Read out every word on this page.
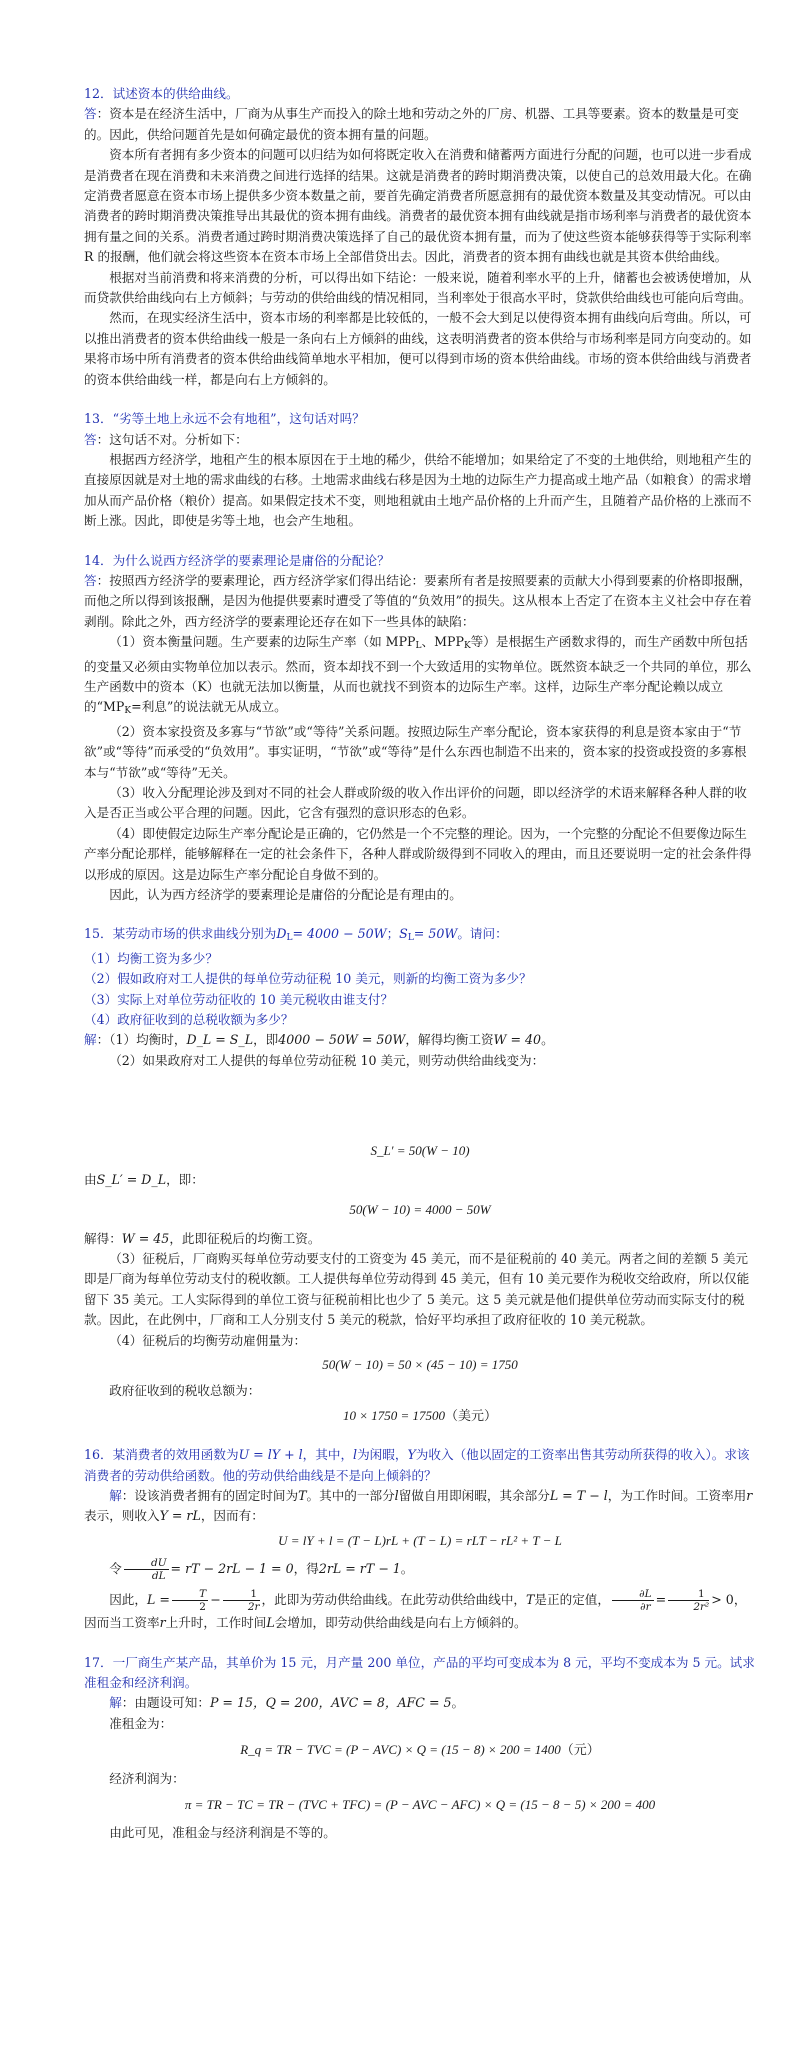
12．试述资本的供给曲线。

答：资本是在经济生活中，厂商为从事生产而投入的除土地和劳动之外的厂房、机器、工具等要素。资本的数量是可变的。因此，供给问题首先是如何确定最优的资本拥有量的问题。

资本所有者拥有多少资本的问题可以归结为如何将既定收入在消费和储蓄两方面进行分配的问题，也可以进一步看成是消费者在现在消费和未来消费之间进行选择的结果。这就是消费者的跨时期消费决策，以使自己的总效用最大化。在确定消费者愿意在资本市场上提供多少资本数量之前，要首先确定消费者所愿意拥有的最优资本数量及其变动情况。可以由消费者的跨时期消费决策推导出其最优的资本拥有曲线。消费者的最优资本拥有曲线就是指市场利率与消费者的最优资本拥有量之间的关系。消费者通过跨时期消费决策选择了自己的最优资本拥有量，而为了使这些资本能够获得等于实际利率 R 的报酬，他们就会将这些资本在资本市场上全部借贷出去。因此，消费者的资本拥有曲线也就是其资本供给曲线。

根据对当前消费和将来消费的分析，可以得出如下结论：一般来说，随着利率水平的上升，储蓄也会被诱使增加，从而贷款供给曲线向右上方倾斜；与劳动的供给曲线的情况相同，当利率处于很高水平时，贷款供给曲线也可能向后弯曲。

然而，在现实经济生活中，资本市场的利率都是比较低的，一般不会大到足以使得资本拥有曲线向后弯曲。所以，可以推出消费者的资本供给曲线一般是一条向右上方倾斜的曲线，这表明消费者的资本供给与市场利率是同方向变动的。如果将市场中所有消费者的资本供给曲线简单地水平相加，便可以得到市场的资本供给曲线。市场的资本供给曲线与消费者的资本供给曲线一样，都是向右上方倾斜的。

13．“劣等土地上永远不会有地租”，这句话对吗？

答：这句话不对。分析如下：

根据西方经济学，地租产生的根本原因在于土地的稀少，供给不能增加；如果给定了不变的土地供给，则地租产生的直接原因就是对土地的需求曲线的右移。土地需求曲线右移是因为土地的边际生产力提高或土地产品（如粮食）的需求增加从而产品价格（粮价）提高。如果假定技术不变，则地租就由土地产品价格的上升而产生，且随着产品价格的上涨而不断上涨。因此，即使是劣等土地，也会产生地租。

14．为什么说西方经济学的要素理论是庸俗的分配论？

答：按照西方经济学的要素理论，西方经济学家们得出结论：要素所有者是按照要素的贡献大小得到要素的价格即报酬，而他之所以得到该报酬，是因为他提供要素时遭受了等值的“负效用”的损失。这从根本上否定了在资本主义社会中存在着剥削。除此之外，西方经济学的要素理论还存在如下一些具体的缺陷：

（1）资本衡量问题。生产要素的边际生产率（如 $MPP_L$、$MPP_K$等）是根据生产函数求得的，而生产函数中所包括的变量又必须由实物单位加以表示。然而，资本却找不到一个大致适用的实物单位。既然资本缺乏一个共同的单位，那么生产函数中的资本（K）也就无法加以衡量，从而也就找不到资本的边际生产率。这样，边际生产率分配论赖以成立的“$MP_K=$利息”的说法就无从成立。

（2）资本家投资及多寡与“节欲”或“等待”关系问题。按照边际生产率分配论，资本家获得的利息是资本家由于“节欲”或“等待”而承受的“负效用”。事实证明，“节欲”或“等待”是什么东西也制造不出来的，资本家的投资或投资的多寡根本与“节欲”或“等待”无关。

（3）收入分配理论涉及到对不同的社会人群或阶级的收入作出评价的问题，即以经济学的术语来解释各种人群的收入是否正当或公平合理的问题。因此，它含有强烈的意识形态的色彩。

（4）即使假定边际生产率分配论是正确的，它仍然是一个不完整的理论。因为，一个完整的分配论不但要像边际生产率分配论那样，能够解释在一定的社会条件下，各种人群或阶级得到不同收入的理由，而且还要说明一定的社会条件得以形成的原因。这是边际生产率分配论自身做不到的。

因此，认为西方经济学的要素理论是庸俗的分配论是有理由的。

15．某劳动市场的供求曲线分别为$D_L= 4000 - 50W$；$S_L= 50W$。请问：

（1）均衡工资为多少？

（2）假如政府对工人提供的每单位劳动征税 10 美元，则新的均衡工资为多少？

（3）实际上对单位劳动征收的 10 美元税收由谁支付？

（4）政府征收到的总税收额为多少？

解：（1）均衡时，D_L = S_L，即4000 − 50W = 50W，解得均衡工资W = 40。

（2）如果政府对工人提供的每单位劳动征税 10 美元，则劳动供给曲线变为：

S_L′ = 50(W − 10)

由S_L′ = D_L，即：

50(W − 10) = 4000 − 50W

解得：W = 45，此即征税后的均衡工资。

（3）征税后，厂商购买每单位劳动要支付的工资变为 45 美元，而不是征税前的 40 美元。两者之间的差额 5 美元即是厂商为每单位劳动支付的税收额。工人提供每单位劳动得到 45 美元，但有 10 美元要作为税收交给政府，所以仅能留下 35 美元。工人实际得到的单位工资与征税前相比也少了 5 美元。这 5 美元就是他们提供单位劳动而实际支付的税款。因此，在此例中，厂商和工人分别支付 5 美元的税款，恰好平均承担了政府征收的 10 美元税款。

（4）征税后的均衡劳动雇佣量为：

50(W − 10) = 50 × (45 − 10) = 1750

政府征收到的税收总额为：

10 × 1750 = 17500（美元）

16．某消费者的效用函数为U = lY + l，其中，l为闲暇，Y为收入（他以固定的工资率出售其劳动所获得的收入）。求该消费者的劳动供给函数。他的劳动供给曲线是不是向上倾斜的？

解：设该消费者拥有的固定时间为T。其中的一部分l留做自用即闲暇，其余部分L = T − l，为工作时间。工资率用r表示，则收入Y = rL，因而有：

U = lY + l = (T − L)rL + (T − L) = rLT − rL² + T − L

令 $\frac{dU}{dL}$ = rT − 2rL − 1 = 0，得2rL = rT − 1。

因此，$L = \frac{T}{2} - \frac{1}{2r}$ ，此即为劳动供给曲线。在此劳动供给曲线中，T是正的定值， $\frac{\partial L}{\partial r} = \frac{1}{\text{2r²}} > 0$，因而当工资率r上升时，工作时间L会增加，即劳动供给曲线是向右上方倾斜的。

17．一厂商生产某产品，其单价为 15 元，月产量 200 单位，产品的平均可变成本为 8 元，平均不变成本为 5 元。试求准租金和经济利润。

解：由题设可知：P = 15，Q = 200，AVC = 8，AFC = 5。

准租金为：

R_q = TR − TVC = (P − AVC) × Q = (15 − 8) × 200 = 1400（元）

经济利润为：

π = TR − TC = TR − (TVC + TFC) = (P − AVC − AFC) × Q = (15 − 8 − 5) × 200 = 400

由此可见，准租金与经济利润是不等的。
